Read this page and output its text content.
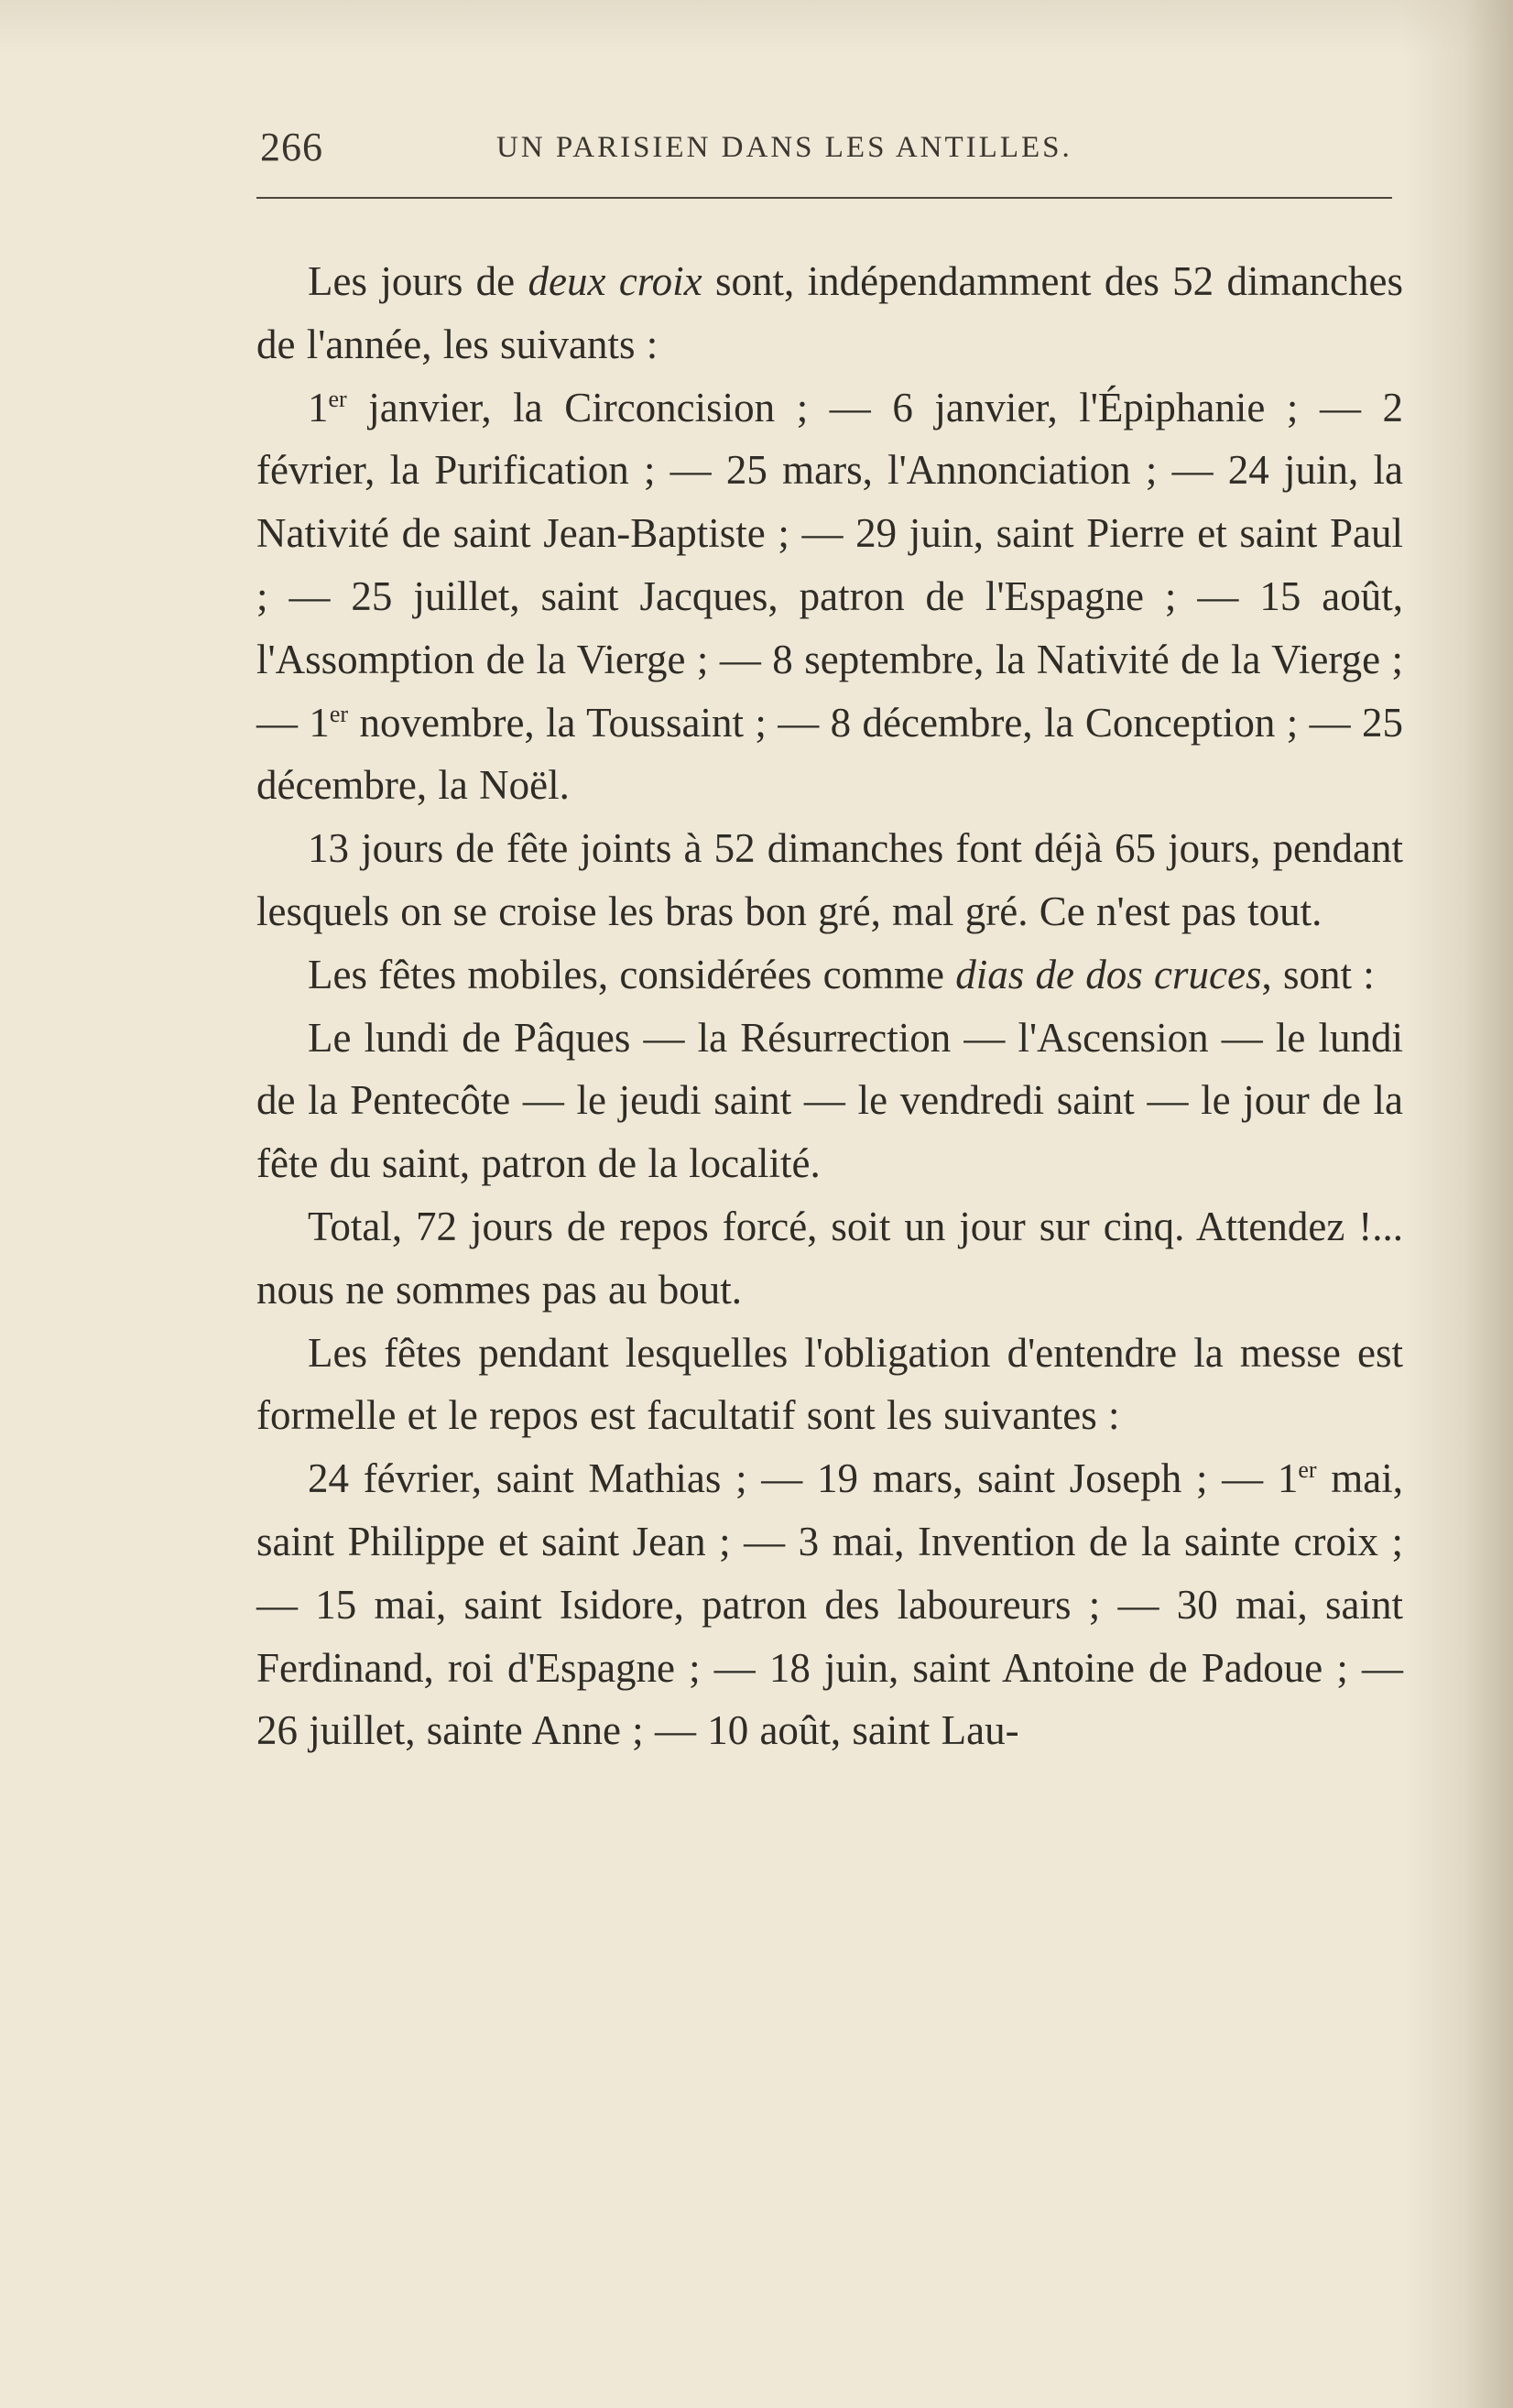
266	UN PARISIEN DANS LES ANTILLES.

Les jours de deux croix sont, indépendamment des 52 dimanches de l'année, les suivants :

1er janvier, la Circoncision ; — 6 janvier, l'Épiphanie ; — 2 février, la Purification ; — 25 mars, l'Annonciation ; — 24 juin, la Nativité de saint Jean-Baptiste ; — 29 juin, saint Pierre et saint Paul ; — 25 juillet, saint Jacques, patron de l'Espagne ; — 15 août, l'Assomption de la Vierge ; — 8 septembre, la Nativité de la Vierge ; — 1er novembre, la Toussaint ; — 8 décembre, la Conception ; — 25 décembre, la Noël.

13 jours de fête joints à 52 dimanches font déjà 65 jours, pendant lesquels on se croise les bras bon gré, mal gré. Ce n'est pas tout.

Les fêtes mobiles, considérées comme dias de dos cruces, sont :

Le lundi de Pâques — la Résurrection — l'Ascension — le lundi de la Pentecôte — le jeudi saint — le vendredi saint — le jour de la fête du saint, patron de la localité.

Total, 72 jours de repos forcé, soit un jour sur cinq. Attendez !... nous ne sommes pas au bout.

Les fêtes pendant lesquelles l'obligation d'entendre la messe est formelle et le repos est facultatif sont les suivantes :

24 février, saint Mathias ; — 19 mars, saint Joseph ; — 1er mai, saint Philippe et saint Jean ; — 3 mai, Invention de la sainte croix ; — 15 mai, saint Isidore, patron des laboureurs ; — 30 mai, saint Ferdinand, roi d'Espagne ; — 18 juin, saint Antoine de Padoue ; — 26 juillet, sainte Anne ; — 10 août, saint Lau-
